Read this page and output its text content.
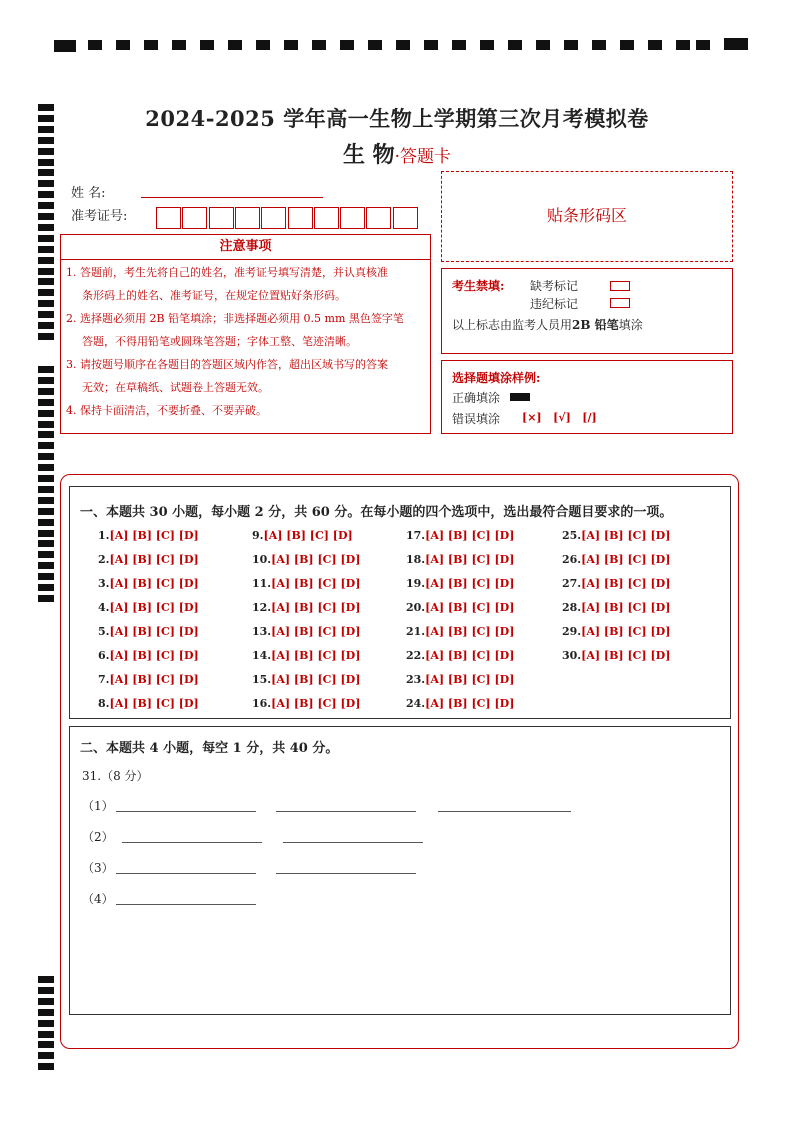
2024-2025 学年高一生物上学期第三次月考模拟卷
生 物·答题卡
姓 名:
准考证号:	贴条形码区
注意事项
1. 答题前，考生先将自己的姓名，准考证号填写清楚，并认真核准
条形码上的姓名、准考证号，在规定位置贴好条形码。
2. 选择题必须用 2B 铅笔填涂；非选择题必须用 0.5 mm 黑色签字笔
答题，不得用铅笔或圆珠笔答题；字体工整、笔迹清晰。
3. 请按题号顺序在各题目的答题区域内作答，超出区域书写的答案
无效；在草稿纸、试题卷上答题无效。
4. 保持卡面清洁，不要折叠、不要弄破。
考生禁填: 缺考标记
违纪标记
以上标志由监考人员用2B 铅笔填涂
选择题填涂样例:
正确填涂
错误填涂 [×] [√] [/]
一、本题共 30 小题，每小题 2 分，共 60 分。在每小题的四个选项中，选出最符合题目要求的一项。
1.[A] [B] [C] [D]
2.[A] [B] [C] [D]
3.[A] [B] [C] [D]
4.[A] [B] [C] [D]
5.[A] [B] [C] [D]
6.[A] [B] [C] [D]
7.[A] [B] [C] [D]
8.[A] [B] [C] [D]
9.[A] [B] [C] [D]
10.[A] [B] [C] [D]
11.[A] [B] [C] [D]
12.[A] [B] [C] [D]
13.[A] [B] [C] [D]
14.[A] [B] [C] [D]
15.[A] [B] [C] [D]
16.[A] [B] [C] [D]
17.[A] [B] [C] [D]
18.[A] [B] [C] [D]
19.[A] [B] [C] [D]
20.[A] [B] [C] [D]
21.[A] [B] [C] [D]
22.[A] [B] [C] [D]
23.[A] [B] [C] [D]
24.[A] [B] [C] [D]
25.[A] [B] [C] [D]
26.[A] [B] [C] [D]
27.[A] [B] [C] [D]
28.[A] [B] [C] [D]
29.[A] [B] [C] [D]
30.[A] [B] [C] [D]
二、本题共 4 小题，每空 1 分，共 40 分。
31.（8 分）
（1）
（2）
（3）
（4）
